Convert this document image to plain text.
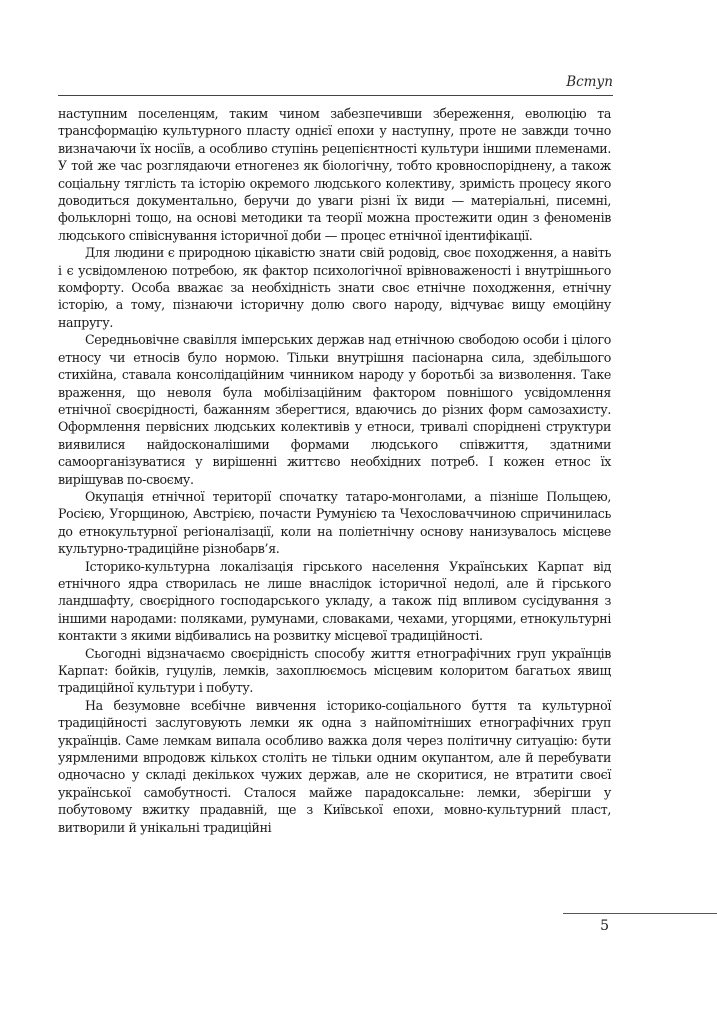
Вступ

наступним поселенцям, таким чином забезпечивши збереження, еволюцію та трансформацію культурного пласту однієї епохи у наступну, проте не завжди точно визначаючи їх носіїв, а особливо ступінь рецепієнтності культури іншими племенами. У той же час розглядаючи етногенез як біологічну, тобто кровноспоріднену, а також соціальну тяглість та історію окремого людського колективу, зримість процесу якого доводиться документально, беручи до уваги різні їх види — матеріальні, писемні, фольклорні тощо, на основі методики та теорії можна простежити один з феноменів людського співіснування історичної доби — процес етнічної ідентифікації.

Для людини є природною цікавістю знати свій родовід, своє походження, а навіть і є усвідомленою потребою, як фактор психологічної врівноваженості і внутрішнього комфорту. Особа вважає за необхідність знати своє етнічне походження, етнічну історію, а тому, пізнаючи історичну долю свого народу, відчуває вищу емоційну напругу.

Середньовічне свавілля імперських держав над етнічною свободою особи і цілого етносу чи етносів було нормою. Тільки внутрішня пасіонарна сила, здебільшого стихійна, ставала консолідаційним чинником народу у боротьбі за визволення. Таке враження, що неволя була мобілізаційним фактором повнішого усвідомлення етнічної своєрідності, бажанням зберегтися, вдаючись до різних форм самозахисту. Оформлення первісних людських колективів у етноси, тривалі споріднені структури виявилися найдосконалішими формами людського співжиття, здатними самоорганізуватися у вирішенні життєво необхідних потреб. І кожен етнос їх вирішував по-своєму.

Окупація етнічної території спочатку татаро-монголами, а пізніше Польщею, Росією, Угорщиною, Австрією, почасти Румунією та Чехословаччиною спричинилась до етнокультурної регіоналізації, коли на поліетнічну основу нанизувалось місцеве культурно-традиційне різнобарв’я.

Історико-культурна локалізація гірського населення Українських Карпат від етнічного ядра створилась не лише внаслідок історичної недолі, але й гірського ландшафту, своєрідного господарського укладу, а також під впливом сусідування з іншими народами: поляками, румунами, словаками, чехами, угорцями, етнокультурні контакти з якими відбивались на розвитку місцевої традиційності.

Сьогодні відзначаємо своєрідність способу життя етнографічних груп українців Карпат: бойків, гуцулів, лемків, захоплюємось місцевим колоритом багатьох явищ традиційної культури і побуту.

На безумовне всебічне вивчення історико-соціального буття та культурної традиційності заслуговують лемки як одна з найпомітніших етнографічних груп українців. Саме лемкам випала особливо важка доля через політичну ситуацію: бути уярмленими впродовж кількох століть не тільки одним окупантом, але й перебувати одночасно у складі декількох чужих держав, але не скоритися, не втратити своєї української самобутності. Сталося майже парадоксальне: лемки, зберігши у побутовому вжитку прадавній, ще з Київської епохи, мовно-культурний пласт, витворили й унікальні традиційні

5
